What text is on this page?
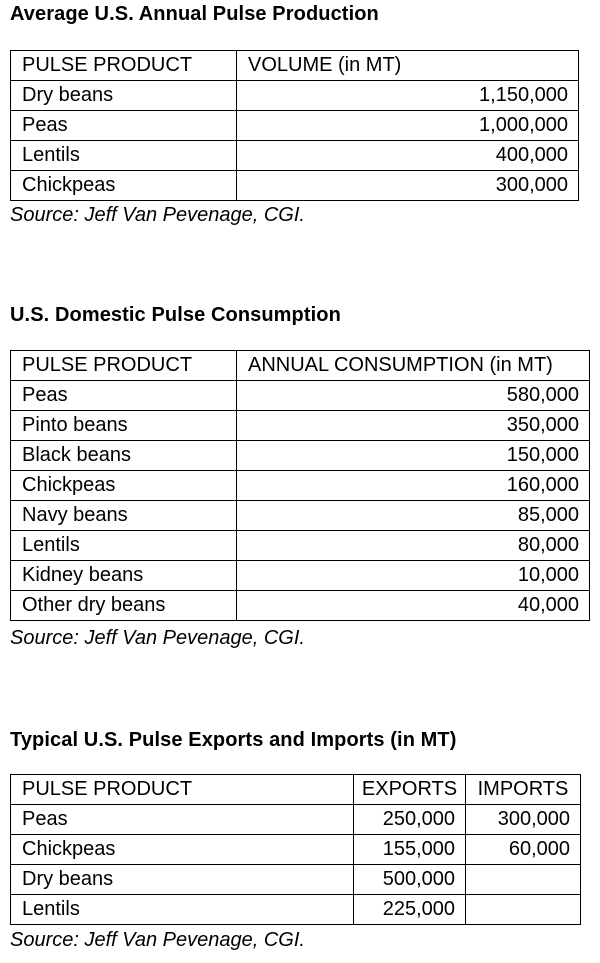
Average U.S. Annual Pulse Production

PULSE PRODUCT	VOLUME (in MT)
Dry beans	1,150,000
Peas	1,000,000
Lentils	400,000
Chickpeas	300,000

Source: Jeff Van Pevenage, CGI.

U.S. Domestic Pulse Consumption

PULSE PRODUCT	ANNUAL CONSUMPTION (in MT)
Peas	580,000
Pinto beans	350,000
Black beans	150,000
Chickpeas	160,000
Navy beans	85,000
Lentils	80,000
Kidney beans	10,000
Other dry beans	40,000

Source: Jeff Van Pevenage, CGI.

Typical U.S. Pulse Exports and Imports (in MT)

PULSE PRODUCT	EXPORTS	IMPORTS
Peas	250,000	300,000
Chickpeas	155,000	60,000
Dry beans	500,000	
Lentils	225,000	

Source: Jeff Van Pevenage, CGI.
